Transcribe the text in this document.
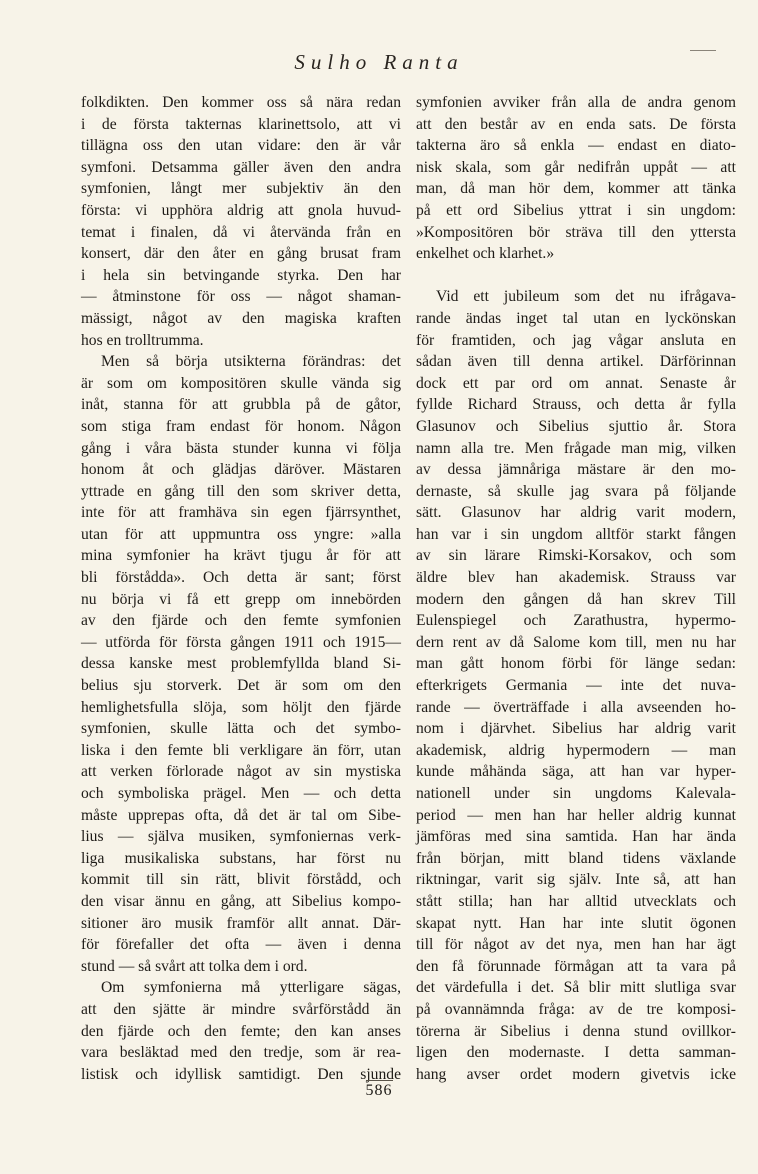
Sulho Ranta
folkdikten. Den kommer oss så nära redan
i de första takternas klarinettsolo, att vi
tillägna oss den utan vidare: den är vår
symfoni. Detsamma gäller även den andra
symfonien, långt mer subjektiv än den
första: vi upphöra aldrig att gnola huvud-
temat i finalen, då vi återvända från en
konsert, där den åter en gång brusat fram
i hela sin betvingande styrka. Den har
— åtminstone för oss — något shaman-
mässigt, något av den magiska kraften
hos en trolltrumma.
Men så börja utsikterna förändras: det
är som om kompositören skulle vända sig
inåt, stanna för att grubbla på de gåtor,
som stiga fram endast för honom. Någon
gång i våra bästa stunder kunna vi följa
honom åt och glädjas däröver. Mästaren
yttrade en gång till den som skriver detta,
inte för att framhäva sin egen fjärrsynthet,
utan för att uppmuntra oss yngre: »alla
mina symfonier ha krävt tjugu år för att
bli förstådda». Och detta är sant; först
nu börja vi få ett grepp om innebörden
av den fjärde och den femte symfonien
— utförda för första gången 1911 och 1915—
dessa kanske mest problemfyllda bland Si-
belius sju storverk. Det är som om den
hemlighetsfulla slöja, som höljt den fjärde
symfonien, skulle lätta och det symbo-
liska i den femte bli verkligare än förr, utan
att verken förlorade något av sin mystiska
och symboliska prägel. Men — och detta
måste upprepas ofta, då det är tal om Sibe-
lius — själva musiken, symfoniernas verk-
liga musikaliska substans, har först nu
kommit till sin rätt, blivit förstådd, och
den visar ännu en gång, att Sibelius kompo-
sitioner äro musik framför allt annat. Där-
för förefaller det ofta — även i denna
stund — så svårt att tolka dem i ord.
Om symfonierna må ytterligare sägas,
att den sjätte är mindre svårförstådd än
den fjärde och den femte; den kan anses
vara besläktad med den tredje, som är rea-
listisk och idyllisk samtidigt. Den sjunde
symfonien avviker från alla de andra genom
att den består av en enda sats. De första
takterna äro så enkla — endast en diato-
nisk skala, som går nedifrån uppåt — att
man, då man hör dem, kommer att tänka
på ett ord Sibelius yttrat i sin ungdom:
»Kompositören bör sträva till den yttersta
enkelhet och klarhet.»
Vid ett jubileum som det nu ifrågava-
rande ändas inget tal utan en lyckönskan
för framtiden, och jag vågar ansluta en
sådan även till denna artikel. Därförinnan
dock ett par ord om annat. Senaste år
fyllde Richard Strauss, och detta år fylla
Glasunov och Sibelius sjuttio år. Stora
namn alla tre. Men frågade man mig, vilken
av dessa jämnåriga mästare är den mo-
dernaste, så skulle jag svara på följande
sätt. Glasunov har aldrig varit modern,
han var i sin ungdom alltför starkt fången
av sin lärare Rimski-Korsakov, och som
äldre blev han akademisk. Strauss var
modern den gången då han skrev Till
Eulenspiegel och Zarathustra, hypermo-
dern rent av då Salome kom till, men nu har
man gått honom förbi för länge sedan:
efterkrigets Germania — inte det nuva-
rande — överträffade i alla avseenden ho-
nom i djärvhet. Sibelius har aldrig varit
akademisk, aldrig hypermodern — man
kunde måhända säga, att han var hyper-
nationell under sin ungdoms Kalevala-
period — men han har heller aldrig kunnat
jämföras med sina samtida. Han har ända
från början, mitt bland tidens växlande
riktningar, varit sig själv. Inte så, att han
stått stilla; han har alltid utvecklats och
skapat nytt. Han har inte slutit ögonen
till för något av det nya, men han har ägt
den få förunnade förmågan att ta vara på
det värdefulla i det. Så blir mitt slutliga svar
på ovannämnda fråga: av de tre komposi-
törerna är Sibelius i denna stund ovillkor-
ligen den modernaste. I detta samman-
hang avser ordet modern givetvis icke
586
